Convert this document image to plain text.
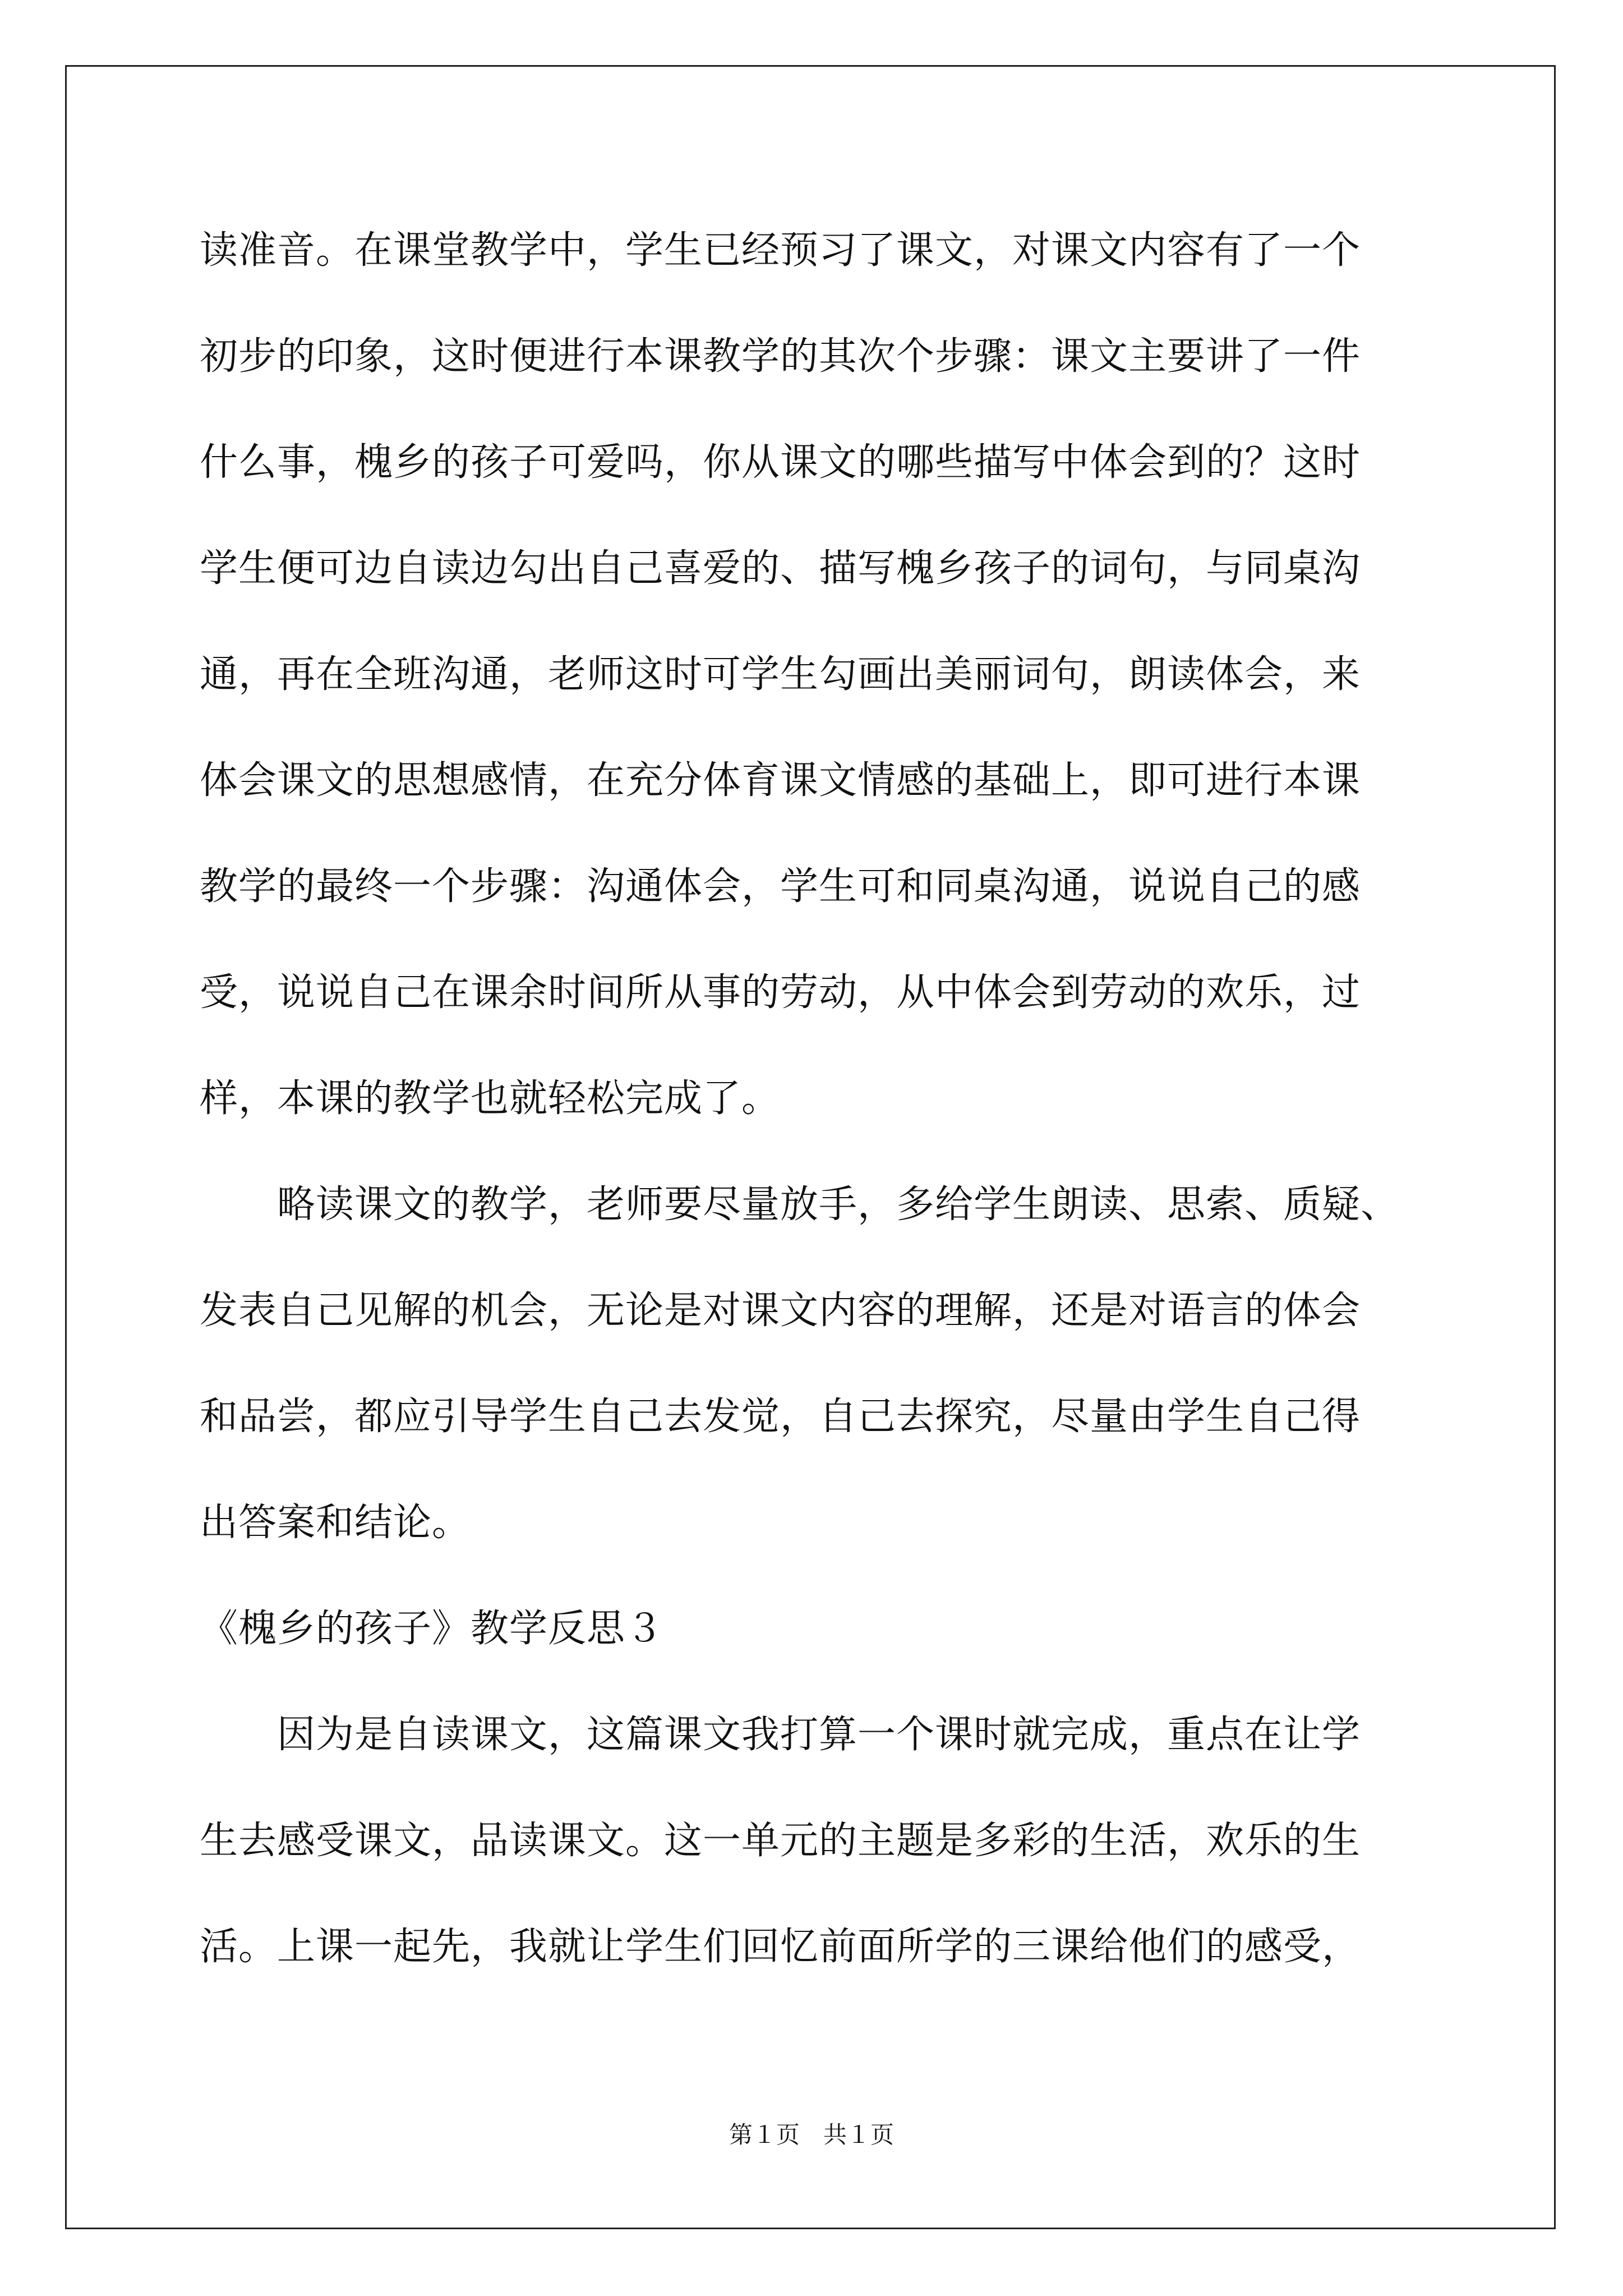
读准音。在课堂教学中，学生已经预习了课文，对课文内容有了一个
初步的印象，这时便进行本课教学的其次个步骤：课文主要讲了一件
什么事，槐乡的孩子可爱吗，你从课文的哪些描写中体会到的？这时
学生便可边自读边勾出自己喜爱的、描写槐乡孩子的词句，与同桌沟
通，再在全班沟通，老师这时可学生勾画出美丽词句，朗读体会，来
体会课文的思想感情，在充分体育课文情感的基础上，即可进行本课
教学的最终一个步骤：沟通体会，学生可和同桌沟通，说说自己的感
受，说说自己在课余时间所从事的劳动，从中体会到劳动的欢乐，过
样，本课的教学也就轻松完成了。
　　略读课文的教学，老师要尽量放手，多给学生朗读、思索、质疑、
发表自己见解的机会，无论是对课文内容的理解，还是对语言的体会
和品尝，都应引导学生自己去发觉，自己去探究，尽量由学生自己得
出答案和结论。
《槐乡的孩子》教学反思３
　　因为是自读课文，这篇课文我打算一个课时就完成，重点在让学
生去感受课文，品读课文。这一单元的主题是多彩的生活，欢乐的生
活。上课一起先，我就让学生们回忆前面所学的三课给他们的感受，
第１页　共１页
